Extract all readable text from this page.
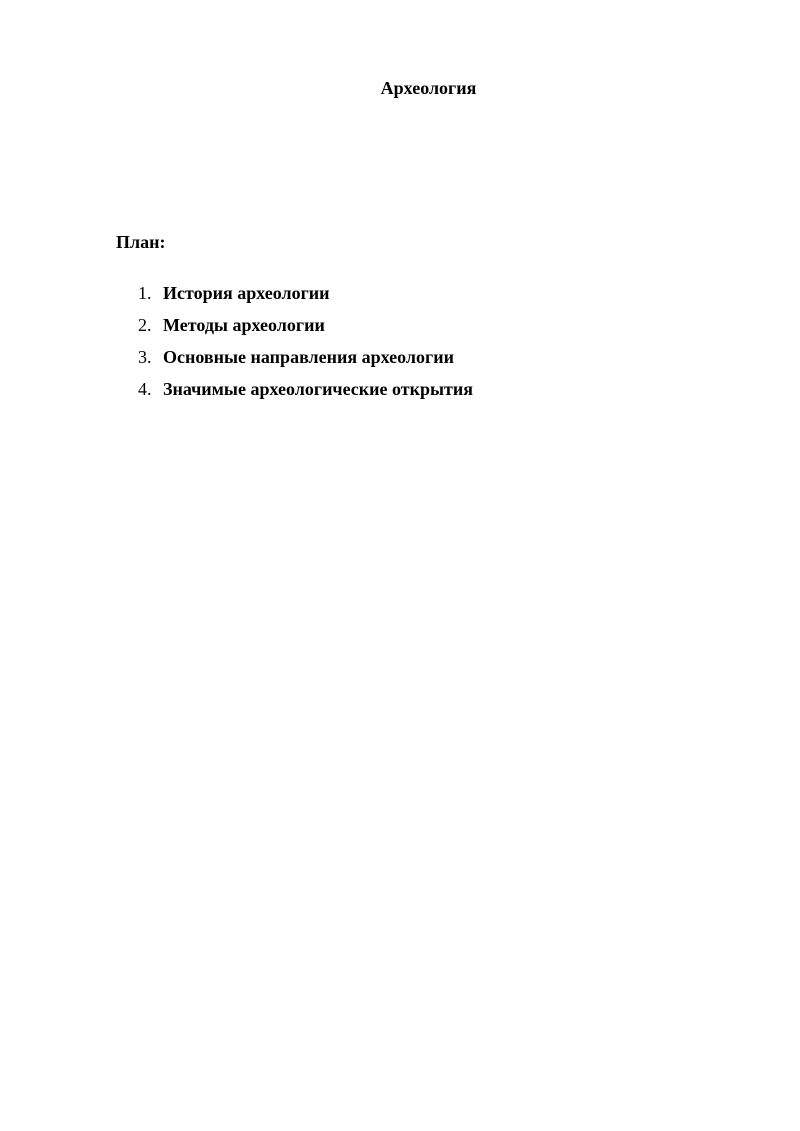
Археология

План:

1. История археологии
2. Методы археологии
3. Основные направления археологии
4. Значимые археологические открытия
